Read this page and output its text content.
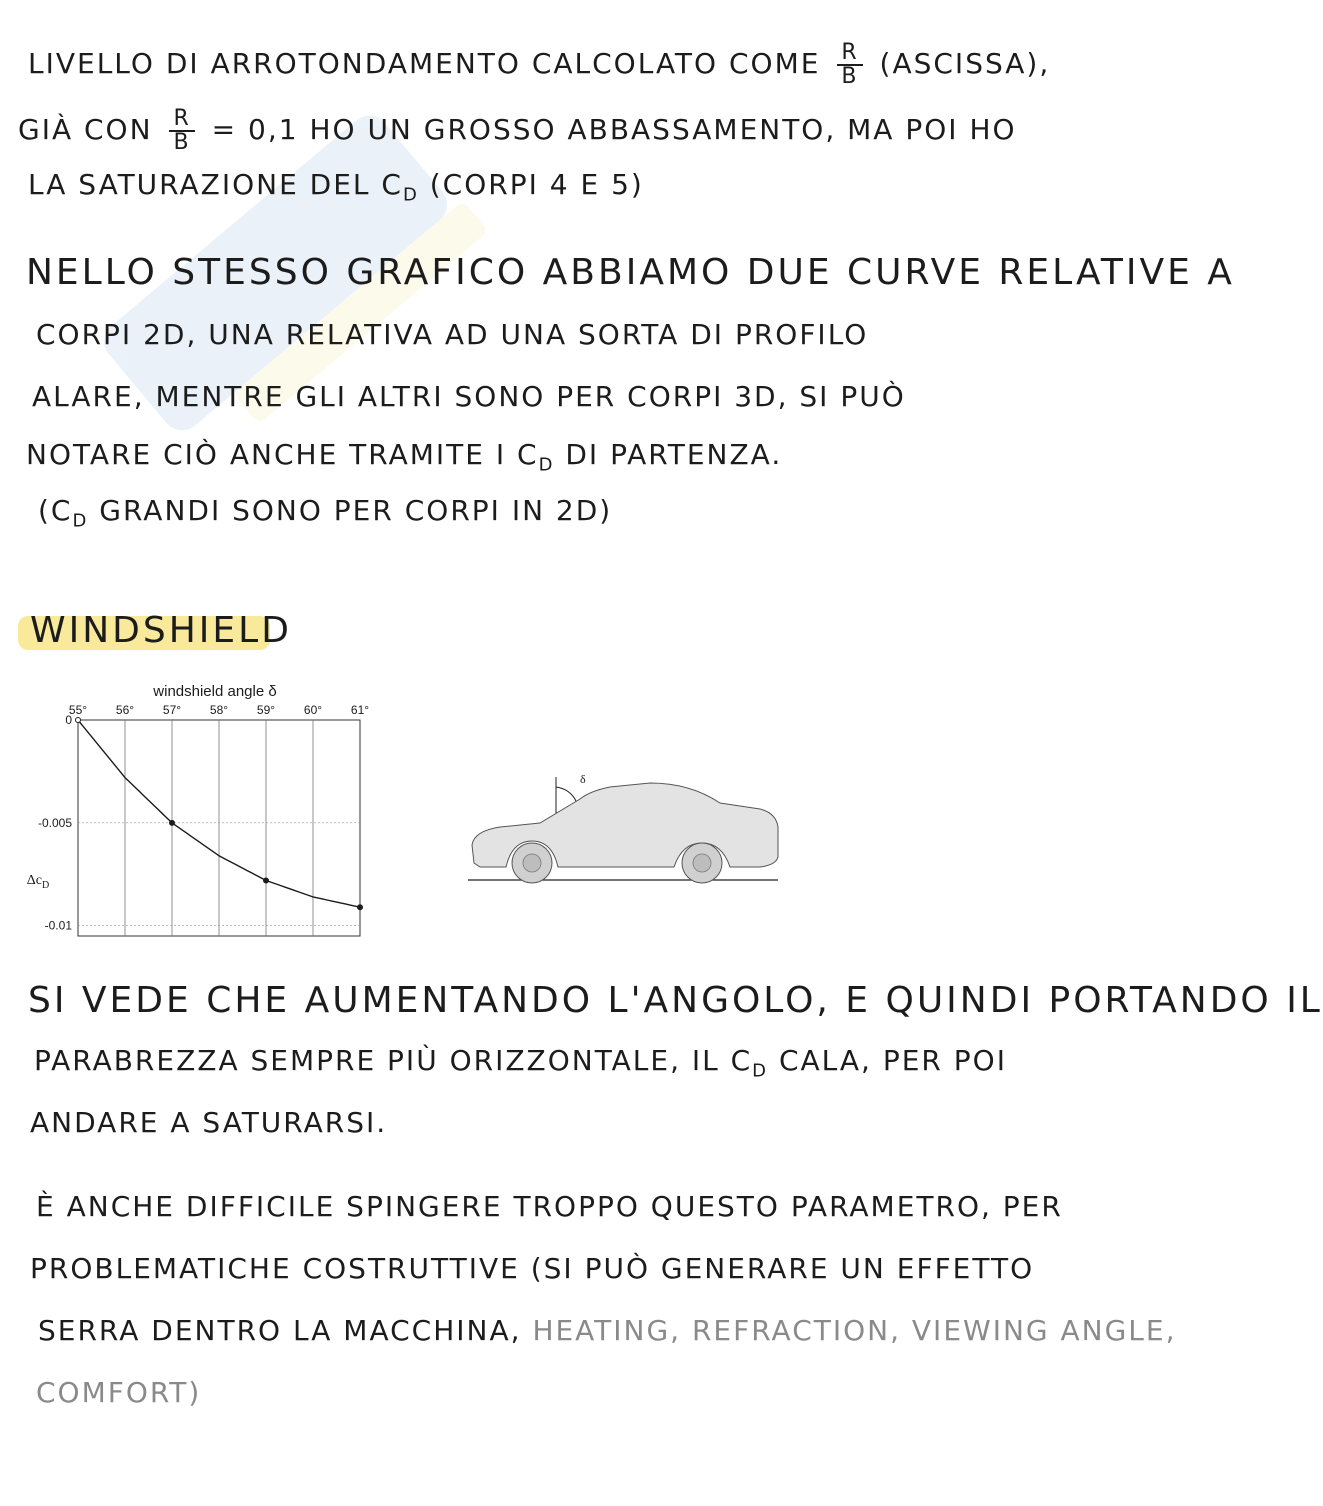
LIVELLO DI ARROTONDAMENTO CALCOLATO COME $\frac{R}{B}$ (ASCISSA),
GIÀ CON $\frac{R}{B} = 0,1$ HO UN GROSSO ABBASSAMENTO, MA POI HO
LA SATURAZIONE DEL $C_D$ (CORPI 4 E 5)
NELLO STESSO GRAFICO ABBIAMO DUE CURVE RELATIVE A
CORPI 2D, UNA RELATIVA AD UNA SORTA DI PROFILO
ALARE, MENTRE GLI ALTRI SONO PER CORPI 3D, SI PUÒ
NOTARE CIÒ ANCHE TRAMITE I $C_D$ DI PARTENZA.
($C_D$ GRANDI SONO PER CORPI IN 2D)
WINDSHIELD
windshield angle δ
55° 56° 57° 58° 59° 60° 61°
0
-0.005
-0.01
$\Delta c_D$
δ
SI VEDE CHE AUMENTANDO L'ANGOLO, E QUINDI PORTANDO IL
PARABREZZA SEMPRE PIÙ ORIZZONTALE, IL $C_D$ CALA, PER POI
ANDARE A SATURARSI.
È ANCHE DIFFICILE SPINGERE TROPPO QUESTO PARAMETRO, PER
PROBLEMATICHE COSTRUTTIVE (SI PUÒ GENERARE UN EFFETTO
SERRA DENTRO LA MACCHINA, HEATING, REFRACTION, VIEWING ANGLE,
COMFORT)
